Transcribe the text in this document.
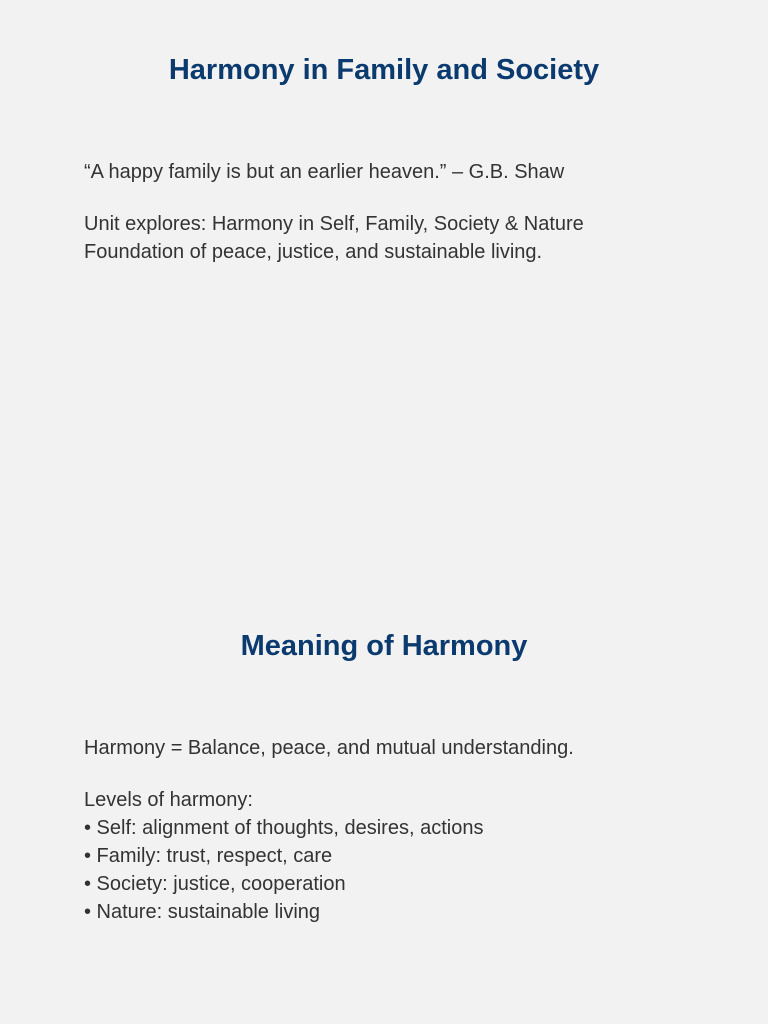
Harmony in Family and Society

“A happy family is but an earlier heaven.” – G.B. Shaw

Unit explores: Harmony in Self, Family, Society & Nature
Foundation of peace, justice, and sustainable living.

Meaning of Harmony

Harmony = Balance, peace, and mutual understanding.

Levels of harmony:
• Self: alignment of thoughts, desires, actions
• Family: trust, respect, care
• Society: justice, cooperation
• Nature: sustainable living
